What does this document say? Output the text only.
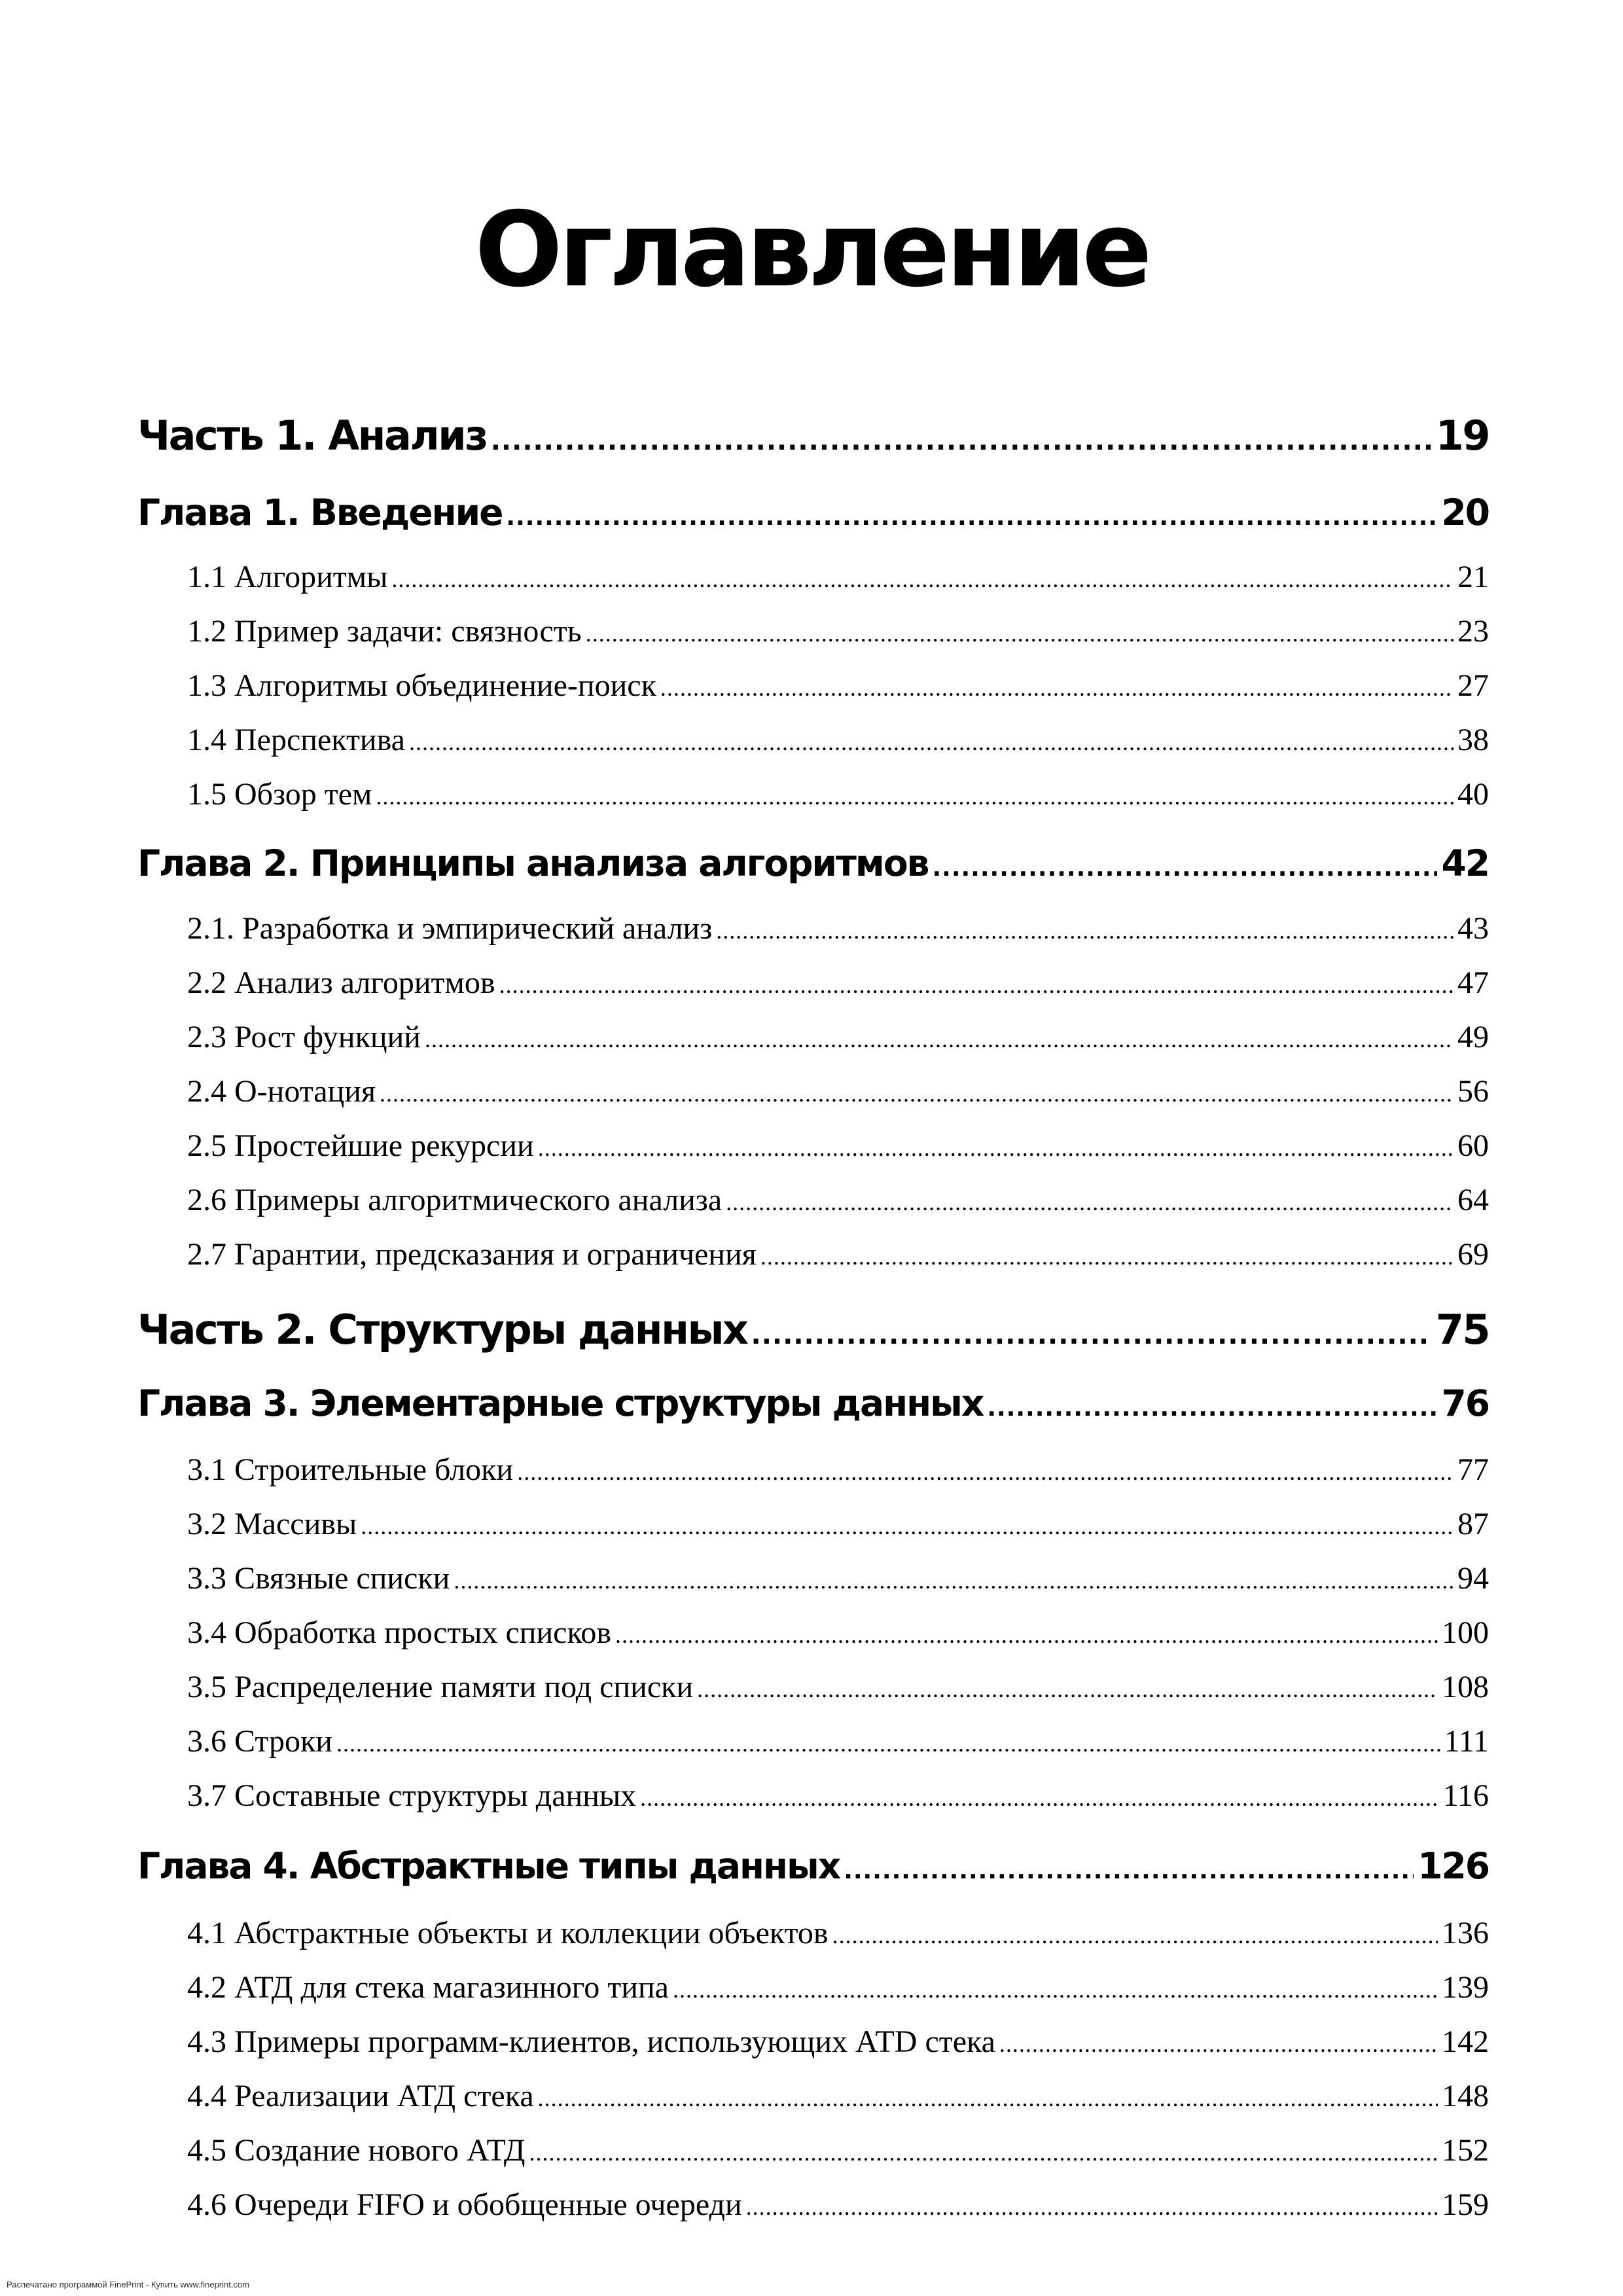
Оглавление
Часть 1. Анализ .....	19
Глава 1. Введение .....	20
1.1 Алгоритмы .....	21
1.2 Пример задачи: связность .....	23
1.3 Алгоритмы объединение-поиск .....	27
1.4 Перспектива .....	38
1.5 Обзор тем .....	40
Глава 2. Принципы анализа алгоритмов .....	42
2.1. Разработка и эмпирический анализ .....	43
2.2 Анализ алгоритмов .....	47
2.3 Рост функций .....	49
2.4 О-нотация .....	56
2.5 Простейшие рекурсии .....	60
2.6 Примеры алгоритмического анализа .....	64
2.7 Гарантии, предсказания и ограничения .....	69
Часть 2. Структуры данных .....	75
Глава 3. Элементарные структуры данных .....	76
3.1 Строительные блоки .....	77
3.2 Массивы .....	87
3.3 Связные списки .....	94
3.4 Обработка простых списков .....	100
3.5 Распределение памяти под списки .....	108
3.6 Строки .....	111
3.7 Составные структуры данных .....	116
Глава 4. Абстрактные типы данных .....	126
4.1 Абстрактные объекты и коллекции объектов .....	136
4.2 АТД для стека магазинного типа .....	139
4.3 Примеры программ-клиентов, использующих АТD стека .....	142
4.4 Реализации АТД стека .....	148
4.5 Создание нового АТД .....	152
4.6 Очереди FIFO и обобщенные очереди .....	159
Распечатано программой FinePrint - Купить www.fineprint.com
